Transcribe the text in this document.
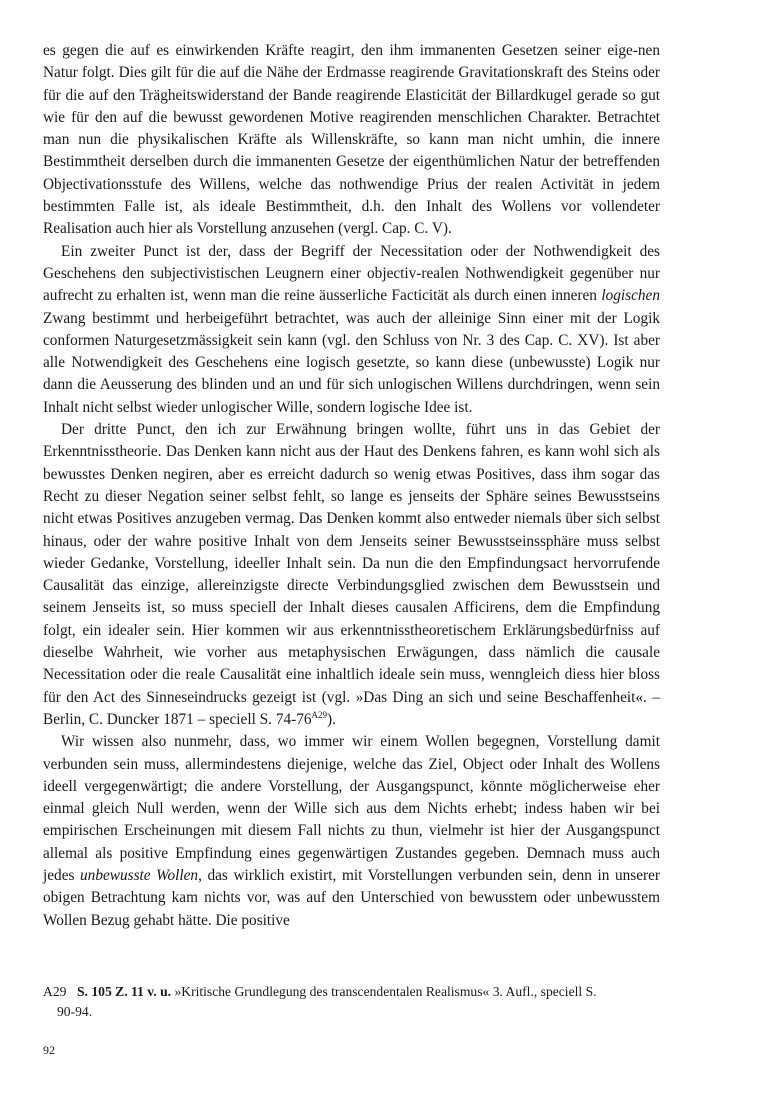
es gegen die auf es einwirkenden Kräfte reagirt, den ihm immanenten Gesetzen seiner eige-nen Natur folgt. Dies gilt für die auf die Nähe der Erdmasse reagirende Gravitationskraft des Steins oder für die auf den Trägheitswiderstand der Bande reagirende Elasticität der Billardkugel gerade so gut wie für den auf die bewusst gewordenen Motive reagirenden menschlichen Charakter. Betrachtet man nun die physikalischen Kräfte als Willenskräfte, so kann man nicht umhin, die innere Bestimmtheit derselben durch die immanenten Gesetze der eigenthümlichen Natur der betreffenden Objectivationsstufe des Willens, welche das nothwendige Prius der realen Activität in jedem bestimmten Falle ist, als ideale Bestimmtheit, d.h. den Inhalt des Wollens vor vollendeter Realisation auch hier als Vorstellung anzusehen (vergl. Cap. C. V).

Ein zweiter Punct ist der, dass der Begriff der Necessitation oder der Nothwendigkeit des Geschehens den subjectivistischen Leugnern einer objectiv-realen Nothwendigkeit gegenüber nur aufrecht zu erhalten ist, wenn man die reine äusserliche Facticität als durch einen inneren logischen Zwang bestimmt und herbeigeführt betrachtet, was auch der alleinige Sinn einer mit der Logik conformen Naturgesetzmässigkeit sein kann (vgl. den Schluss von Nr. 3 des Cap. C. XV). Ist aber alle Notwendigkeit des Geschehens eine logisch gesetzte, so kann diese (unbewusste) Logik nur dann die Aeusserung des blinden und an und für sich unlogischen Willens durchdringen, wenn sein Inhalt nicht selbst wieder unlogischer Wille, sondern logische Idee ist.

Der dritte Punct, den ich zur Erwähnung bringen wollte, führt uns in das Gebiet der Erkenntnisstheorie. Das Denken kann nicht aus der Haut des Denkens fahren, es kann wohl sich als bewusstes Denken negiren, aber es erreicht dadurch so wenig etwas Positives, dass ihm sogar das Recht zu dieser Negation seiner selbst fehlt, so lange es jenseits der Sphäre seines Bewusstseins nicht etwas Positives anzugeben vermag. Das Denken kommt also entweder niemals über sich selbst hinaus, oder der wahre positive Inhalt von dem Jenseits seiner Bewusstseinssphäre muss selbst wieder Gedanke, Vorstellung, ideeller Inhalt sein. Da nun die den Empfindungsact hervorrufende Causalität das einzige, allereinzigste directe Verbindungsglied zwischen dem Bewusstsein und seinem Jenseits ist, so muss speciell der Inhalt dieses causalen Afficirens, dem die Empfindung folgt, ein idealer sein. Hier kommen wir aus erkenntnisstheoretischem Erklärungsbedürfniss auf dieselbe Wahrheit, wie vorher aus metaphysischen Erwägungen, dass nämlich die causale Necessitation oder die reale Causalität eine inhaltlich ideale sein muss, wenngleich diess hier bloss für den Act des Sinneseindrucks gezeigt ist (vgl. »Das Ding an sich und seine Beschaffenheit«. – Berlin, C. Duncker 1871 – speciell S. 74-76$^{A29}$).

Wir wissen also nunmehr, dass, wo immer wir einem Wollen begegnen, Vorstellung damit verbunden sein muss, allermindestens diejenige, welche das Ziel, Object oder Inhalt des Wollens ideell vergegenwärtigt; die andere Vorstellung, der Ausgangspunct, könnte möglicherweise eher einmal gleich Null werden, wenn der Wille sich aus dem Nichts erhebt; indess haben wir bei empirischen Erscheinungen mit diesem Fall nichts zu thun, vielmehr ist hier der Ausgangspunct allemal als positive Empfindung eines gegenwärtigen Zustandes gegeben. Demnach muss auch jedes unbewusste Wollen, das wirklich existirt, mit Vorstellungen verbunden sein, denn in unserer obigen Betrachtung kam nichts vor, was auf den Unterschied von bewusstem oder unbewusstem Wollen Bezug gehabt hätte. Die positive

A29 S. 105 Z. 11 v. u. »Kritische Grundlegung des transcendentalen Realismus« 3. Aufl., speciell S.
90-94.
92
